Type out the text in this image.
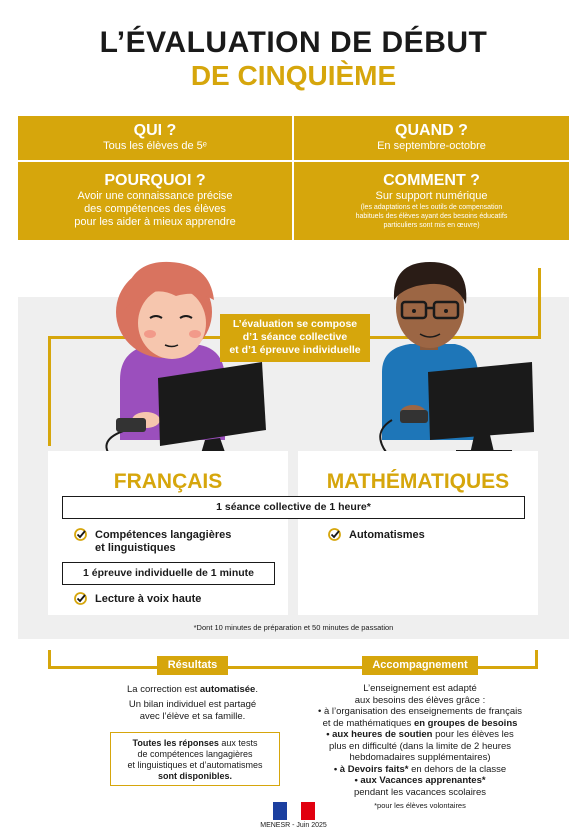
L’ÉVALUATION DE DÉBUT
DE CINQUIÈME
QUI ?
Tous les élèves de 5ᵉ
QUAND ?
En septembre-octobre
POURQUOI ?
Avoir une connaissance précise
des compétences des élèves
pour les aider à mieux apprendre
COMMENT ?
Sur support numérique
(les adaptations et les outils de compensation
habituels des élèves ayant des besoins éducatifs
particuliers sont mis en œuvre)
L’évaluation se compose
d’1 séance collective
et d’1 épreuve individuelle
FRANÇAIS	MATHÉMATIQUES
1 séance collective de 1 heure*
Compétences langagières
et linguistiques
Automatismes
1 épreuve individuelle de 1 minute
Lecture à voix haute
*Dont 10 minutes de préparation et 50 minutes de passation
Résultats
La correction est automatisée.
Un bilan individuel est partagé
avec l’élève et sa famille.
Toutes les réponses aux tests
de compétences langagières
et linguistiques et d’automatismes
sont disponibles.
Accompagnement
L’enseignement est adapté
aux besoins des élèves grâce :
• à l’organisation des enseignements de français
et de mathématiques en groupes de besoins
• aux heures de soutien pour les élèves les
plus en difficulté (dans la limite de 2 heures
hebdomadaires supplémentaires)
• à Devoirs faits* en dehors de la classe
• aux Vacances apprenantes*
pendant les vacances scolaires
*pour les élèves volontaires
MENESR - Juin 2025
